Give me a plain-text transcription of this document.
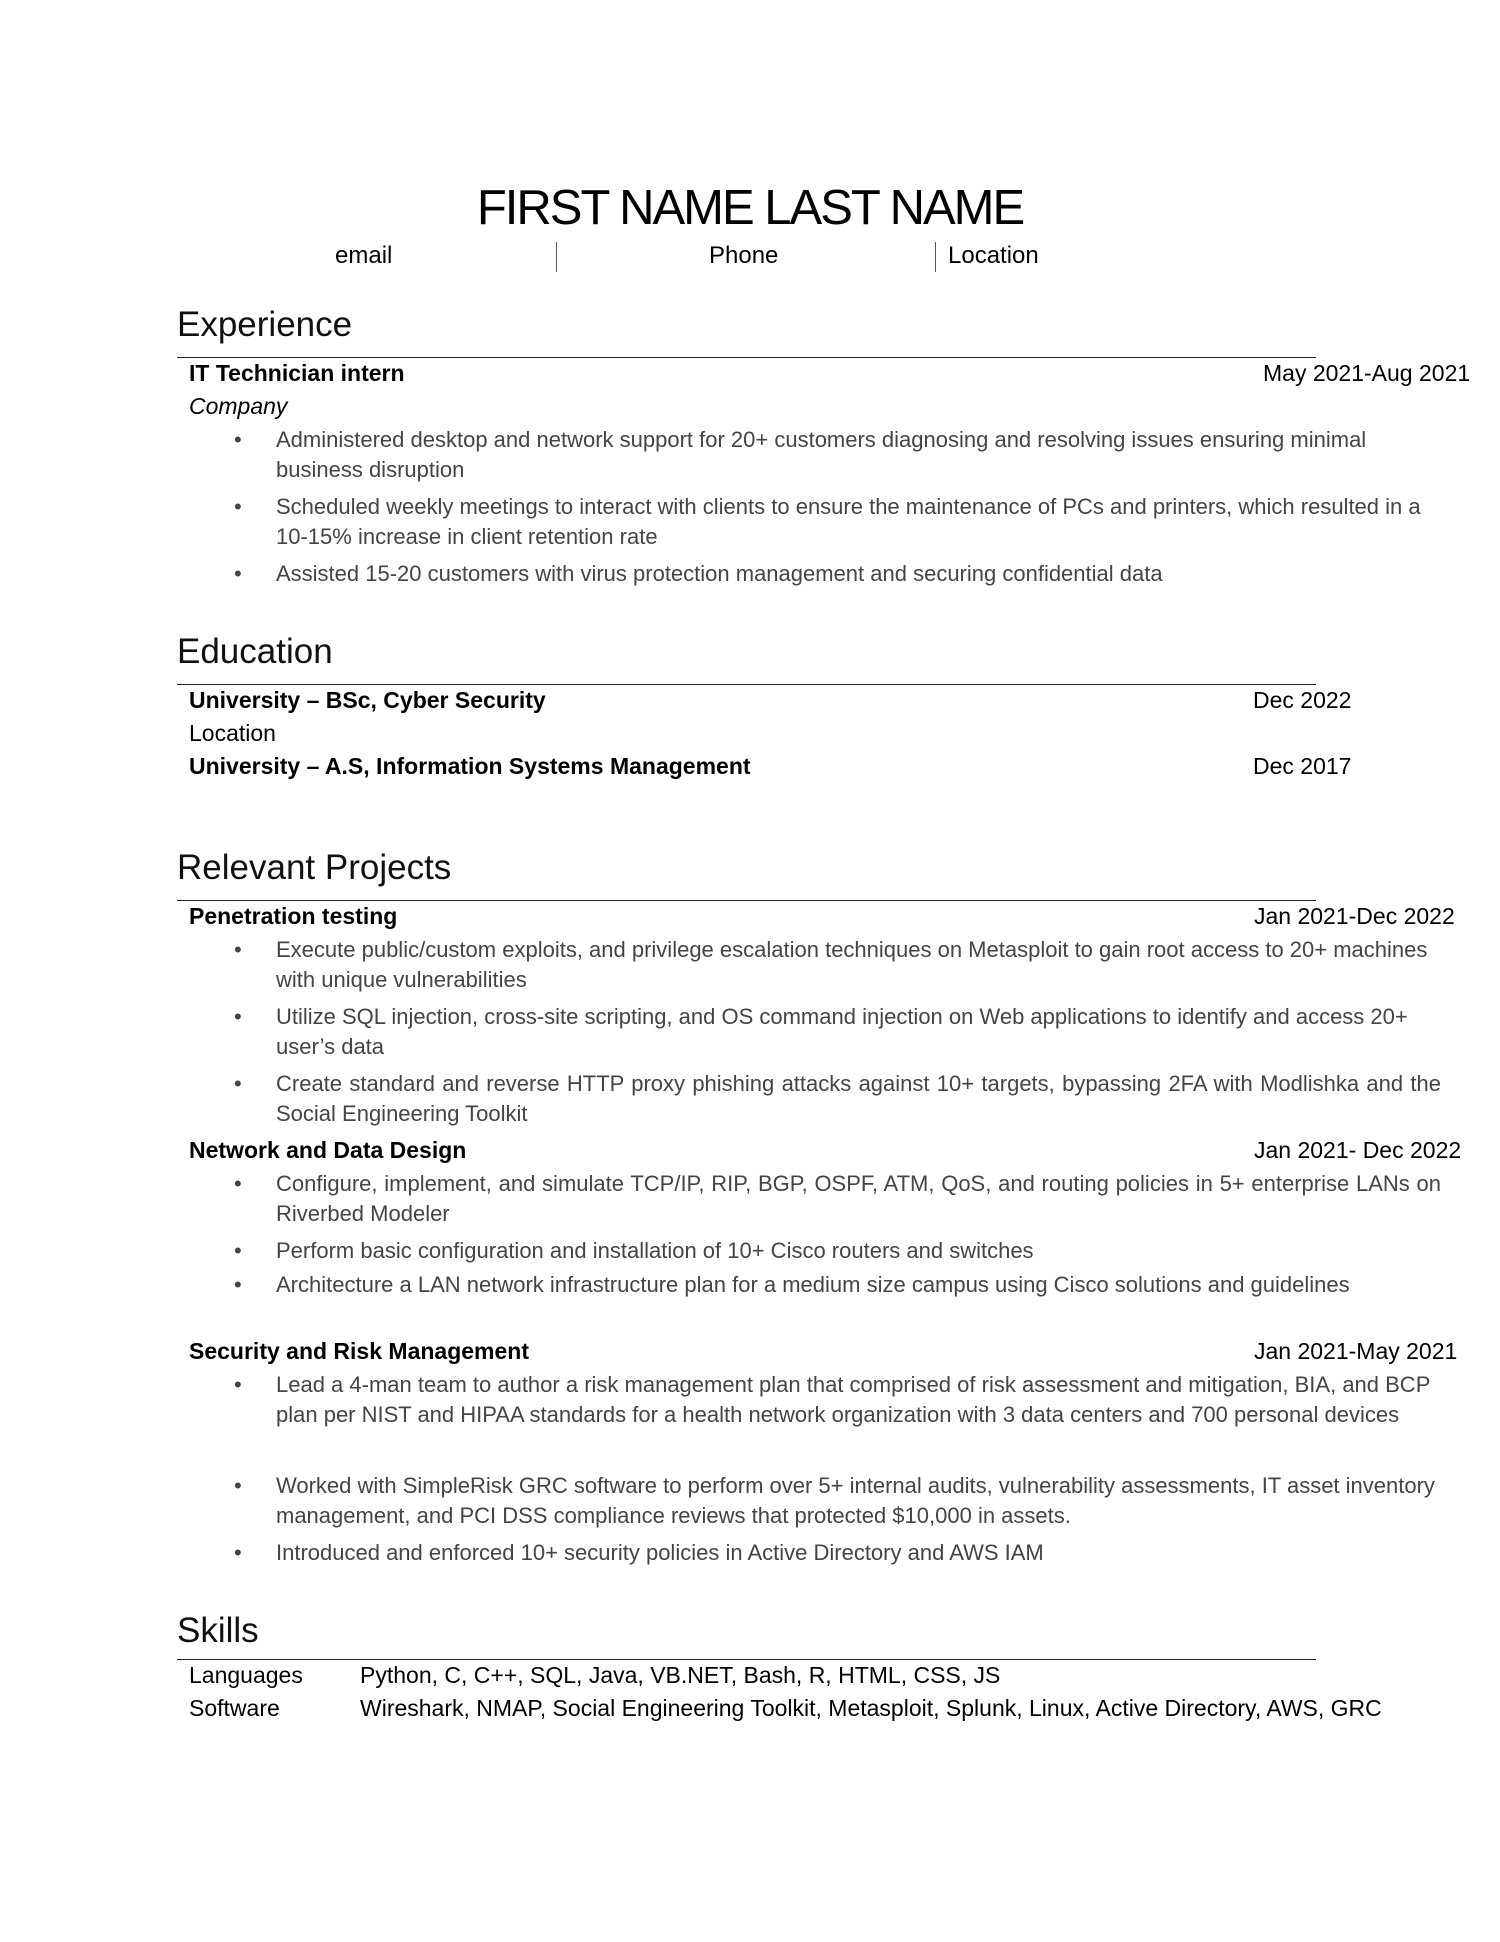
FIRST NAME LAST NAME
email	Phone	Location
Experience
IT Technician intern	May 2021-Aug 2021
Company
• Administered desktop and network support for 20+ customers diagnosing and resolving issues ensuring minimal business disruption
• Scheduled weekly meetings to interact with clients to ensure the maintenance of PCs and printers, which resulted in a 10-15% increase in client retention rate
• Assisted 15-20 customers with virus protection management and securing confidential data
Education
University – BSc, Cyber Security	Dec 2022
Location
University – A.S, Information Systems Management	Dec 2017
Relevant Projects
Penetration testing	Jan 2021-Dec 2022
• Execute public/custom exploits, and privilege escalation techniques on Metasploit to gain root access to 20+ machines with unique vulnerabilities
• Utilize SQL injection, cross-site scripting, and OS command injection on Web applications to identify and access 20+ user’s data
• Create standard and reverse HTTP proxy phishing attacks against 10+ targets, bypassing 2FA with Modlishka and the Social Engineering Toolkit
Network and Data Design	Jan 2021- Dec 2022
• Configure, implement, and simulate TCP/IP, RIP, BGP, OSPF, ATM, QoS, and routing policies in 5+ enterprise LANs on Riverbed Modeler
• Perform basic configuration and installation of 10+ Cisco routers and switches
• Architecture a LAN network infrastructure plan for a medium size campus using Cisco solutions and guidelines
Security and Risk Management	Jan 2021-May 2021
• Lead a 4-man team to author a risk management plan that comprised of risk assessment and mitigation, BIA, and BCP plan per NIST and HIPAA standards for a health network organization with 3 data centers and 700 personal devices
• Worked with SimpleRisk GRC software to perform over 5+ internal audits, vulnerability assessments, IT asset inventory management, and PCI DSS compliance reviews that protected $10,000 in assets.
• Introduced and enforced 10+ security policies in Active Directory and AWS IAM
Skills
Languages Python, C, C++, SQL, Java, VB.NET, Bash, R, HTML, CSS, JS
Software	Wireshark, NMAP, Social Engineering Toolkit, Metasploit, Splunk, Linux, Active Directory, AWS, GRC
